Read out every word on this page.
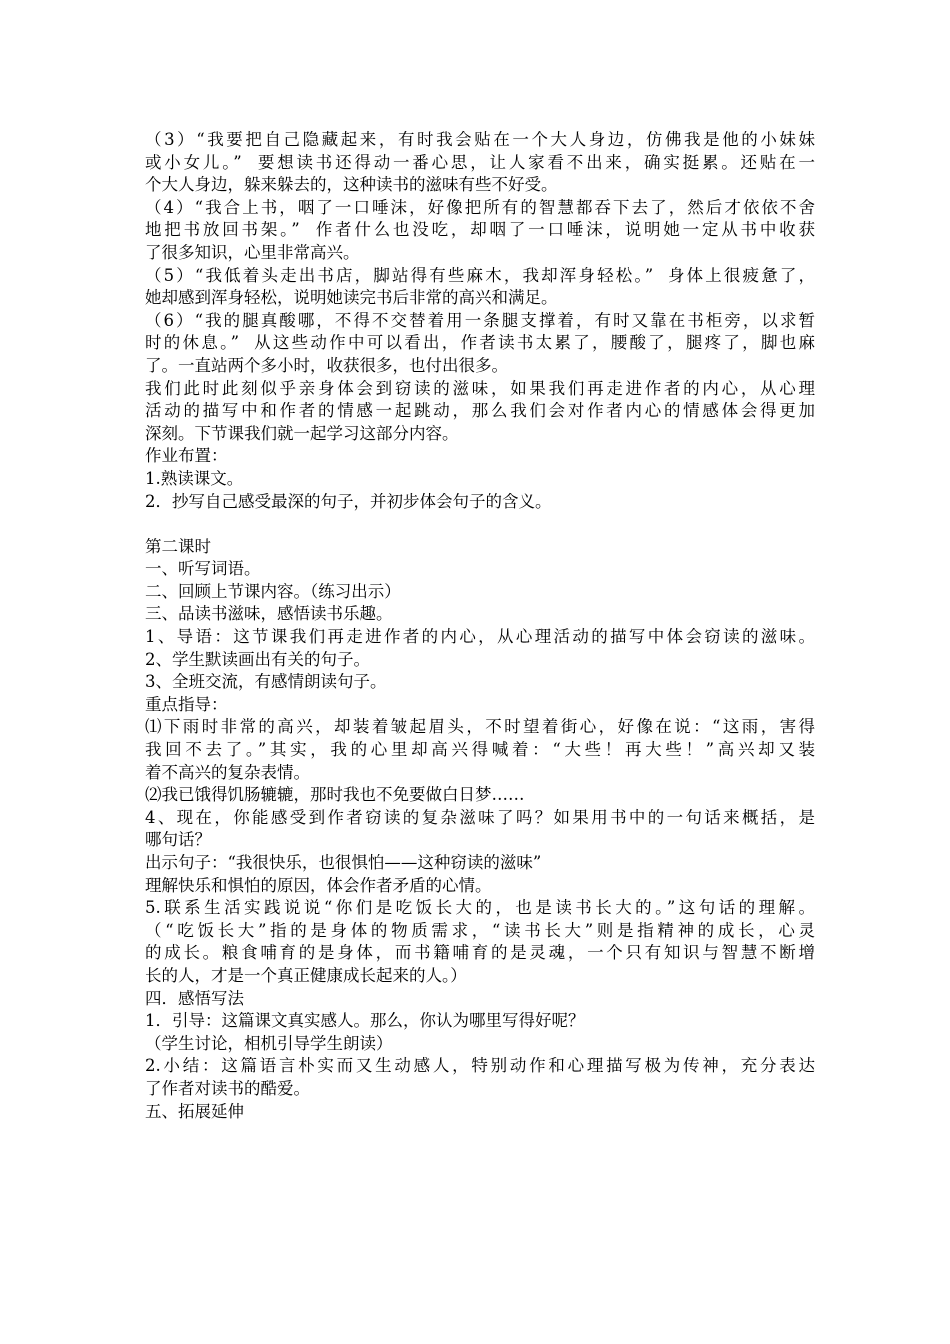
（3）“我要把自己隐藏起来，有时我会贴在一个大人身边，仿佛我是他的小妹妹
或小女儿。”  要想读书还得动一番心思，让人家看不出来，确实挺累。还贴在一
个大人身边，躲来躲去的，这种读书的滋味有些不好受。
（4）“我合上书，咽了一口唾沫，好像把所有的智慧都吞下去了，然后才依依不舍
地把书放回书架。”  作者什么也没吃，却咽了一口唾沫，说明她一定从书中收获
了很多知识，心里非常高兴。
（5）“我低着头走出书店，脚站得有些麻木，我却浑身轻松。”  身体上很疲惫了，
她却感到浑身轻松，说明她读完书后非常的高兴和满足。
（6）“我的腿真酸哪，不得不交替着用一条腿支撑着，有时又靠在书柜旁，以求暂
时的休息。”  从这些动作中可以看出，作者读书太累了，腰酸了，腿疼了，脚也麻
了。一直站两个多小时，收获很多，也付出很多。
我们此时此刻似乎亲身体会到窃读的滋味，如果我们再走进作者的内心，从心理
活动的描写中和作者的情感一起跳动，那么我们会对作者内心的情感体会得更加
深刻。下节课我们就一起学习这部分内容。
作业布置：
1.熟读课文。
2．抄写自己感受最深的句子，并初步体会句子的含义。
第二课时
一、听写词语。
二、回顾上节课内容。（练习出示）
三、品读书滋味，感悟读书乐趣。
1、导语：这节课我们再走进作者的内心，从心理活动的描写中体会窃读的滋味。
2、学生默读画出有关的句子。
3、全班交流，有感情朗读句子。
重点指导：
⑴下雨时非常的高兴，却装着皱起眉头，不时望着街心，好像在说：“这雨，害得
我回不去了。”其实，我的心里却高兴得喊着：“大些！再大些！”高兴却又装
着不高兴的复杂表情。
⑵我已饿得饥肠辘辘，那时我也不免要做白日梦……
4、现在，你能感受到作者窃读的复杂滋味了吗？如果用书中的一句话来概括，是
哪句话？
出示句子：“我很快乐，也很惧怕——这种窃读的滋味”
理解快乐和惧怕的原因，体会作者矛盾的心情。
5.联系生活实践说说“你们是吃饭长大的，也是读书长大的。”这句话的理解。
（“吃饭长大”指的是身体的物质需求，“读书长大”则是指精神的成长，心灵
的成长。粮食哺育的是身体，而书籍哺育的是灵魂，一个只有知识与智慧不断增
长的人，才是一个真正健康成长起来的人。）
四．感悟写法
1．引导：这篇课文真实感人。那么，你认为哪里写得好呢？
（学生讨论，相机引导学生朗读）
2.小结：这篇语言朴实而又生动感人，特别动作和心理描写极为传神，充分表达
了作者对读书的酷爱。
五、拓展延伸
